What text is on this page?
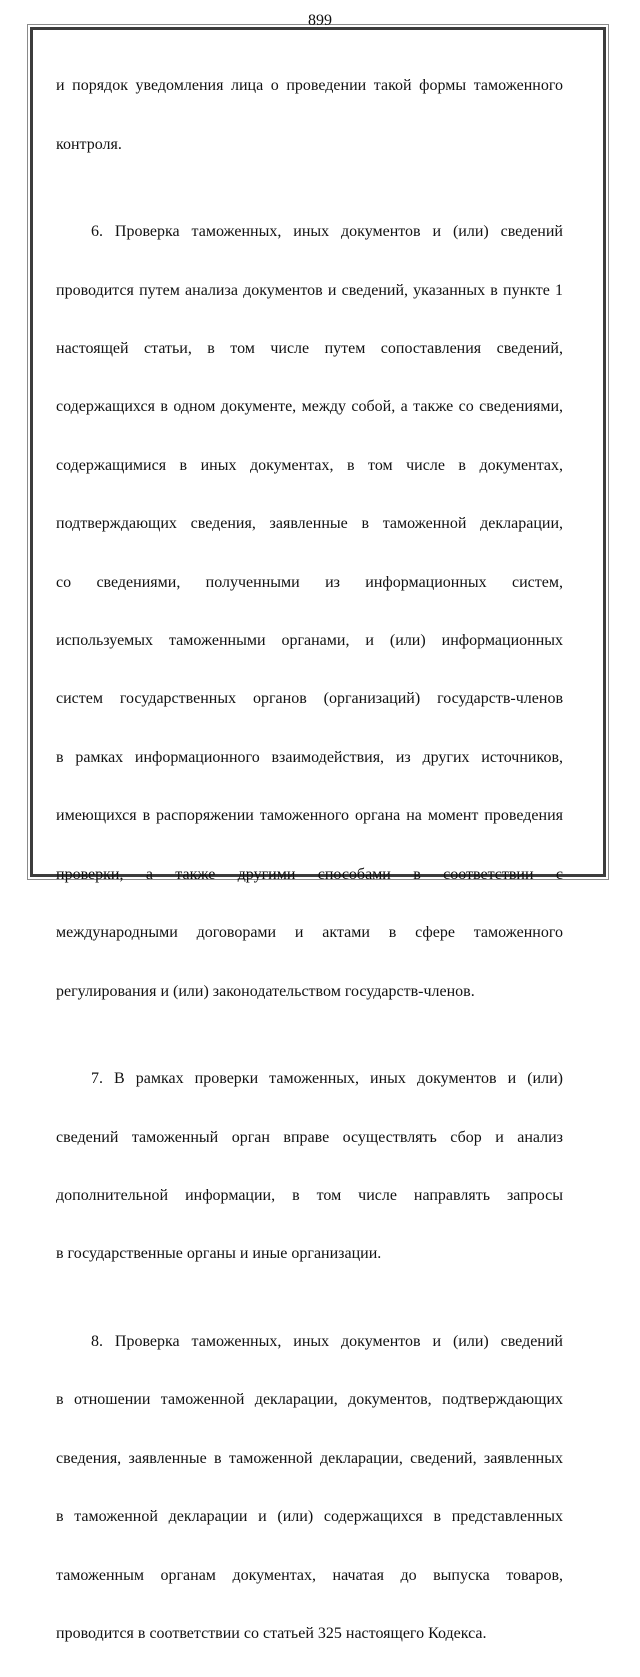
899

и порядок уведомления лица о проведении такой формы таможенного

контроля.

6. Проверка таможенных, иных документов и (или) сведений

проводится путем анализа документов и сведений, указанных в пункте 1

настоящей статьи, в том числе путем сопоставления сведений,

содержащихся в одном документе, между собой, а также со сведениями,

содержащимися в иных документах, в том числе в документах,

подтверждающих сведения, заявленные в таможенной декларации,

со сведениями, полученными из информационных систем,

используемых таможенными органами, и (или) информационных

систем государственных органов (организаций) государств-членов

в рамках информационного взаимодействия, из других источников,

имеющихся в распоряжении таможенного органа на момент проведения

проверки, а также другими способами в соответствии с

международными договорами и актами в сфере таможенного

регулирования и (или) законодательством государств-членов.

7. В рамках проверки таможенных, иных документов и (или)

сведений таможенный орган вправе осуществлять сбор и анализ

дополнительной информации, в том числе направлять запросы

в государственные органы и иные организации.

8. Проверка таможенных, иных документов и (или) сведений

в отношении таможенной декларации, документов, подтверждающих

сведения, заявленные в таможенной декларации, сведений, заявленных

в таможенной декларации и (или) содержащихся в представленных

таможенным органам документах, начатая до выпуска товаров,

проводится в соответствии со статьей 325 настоящего Кодекса.
